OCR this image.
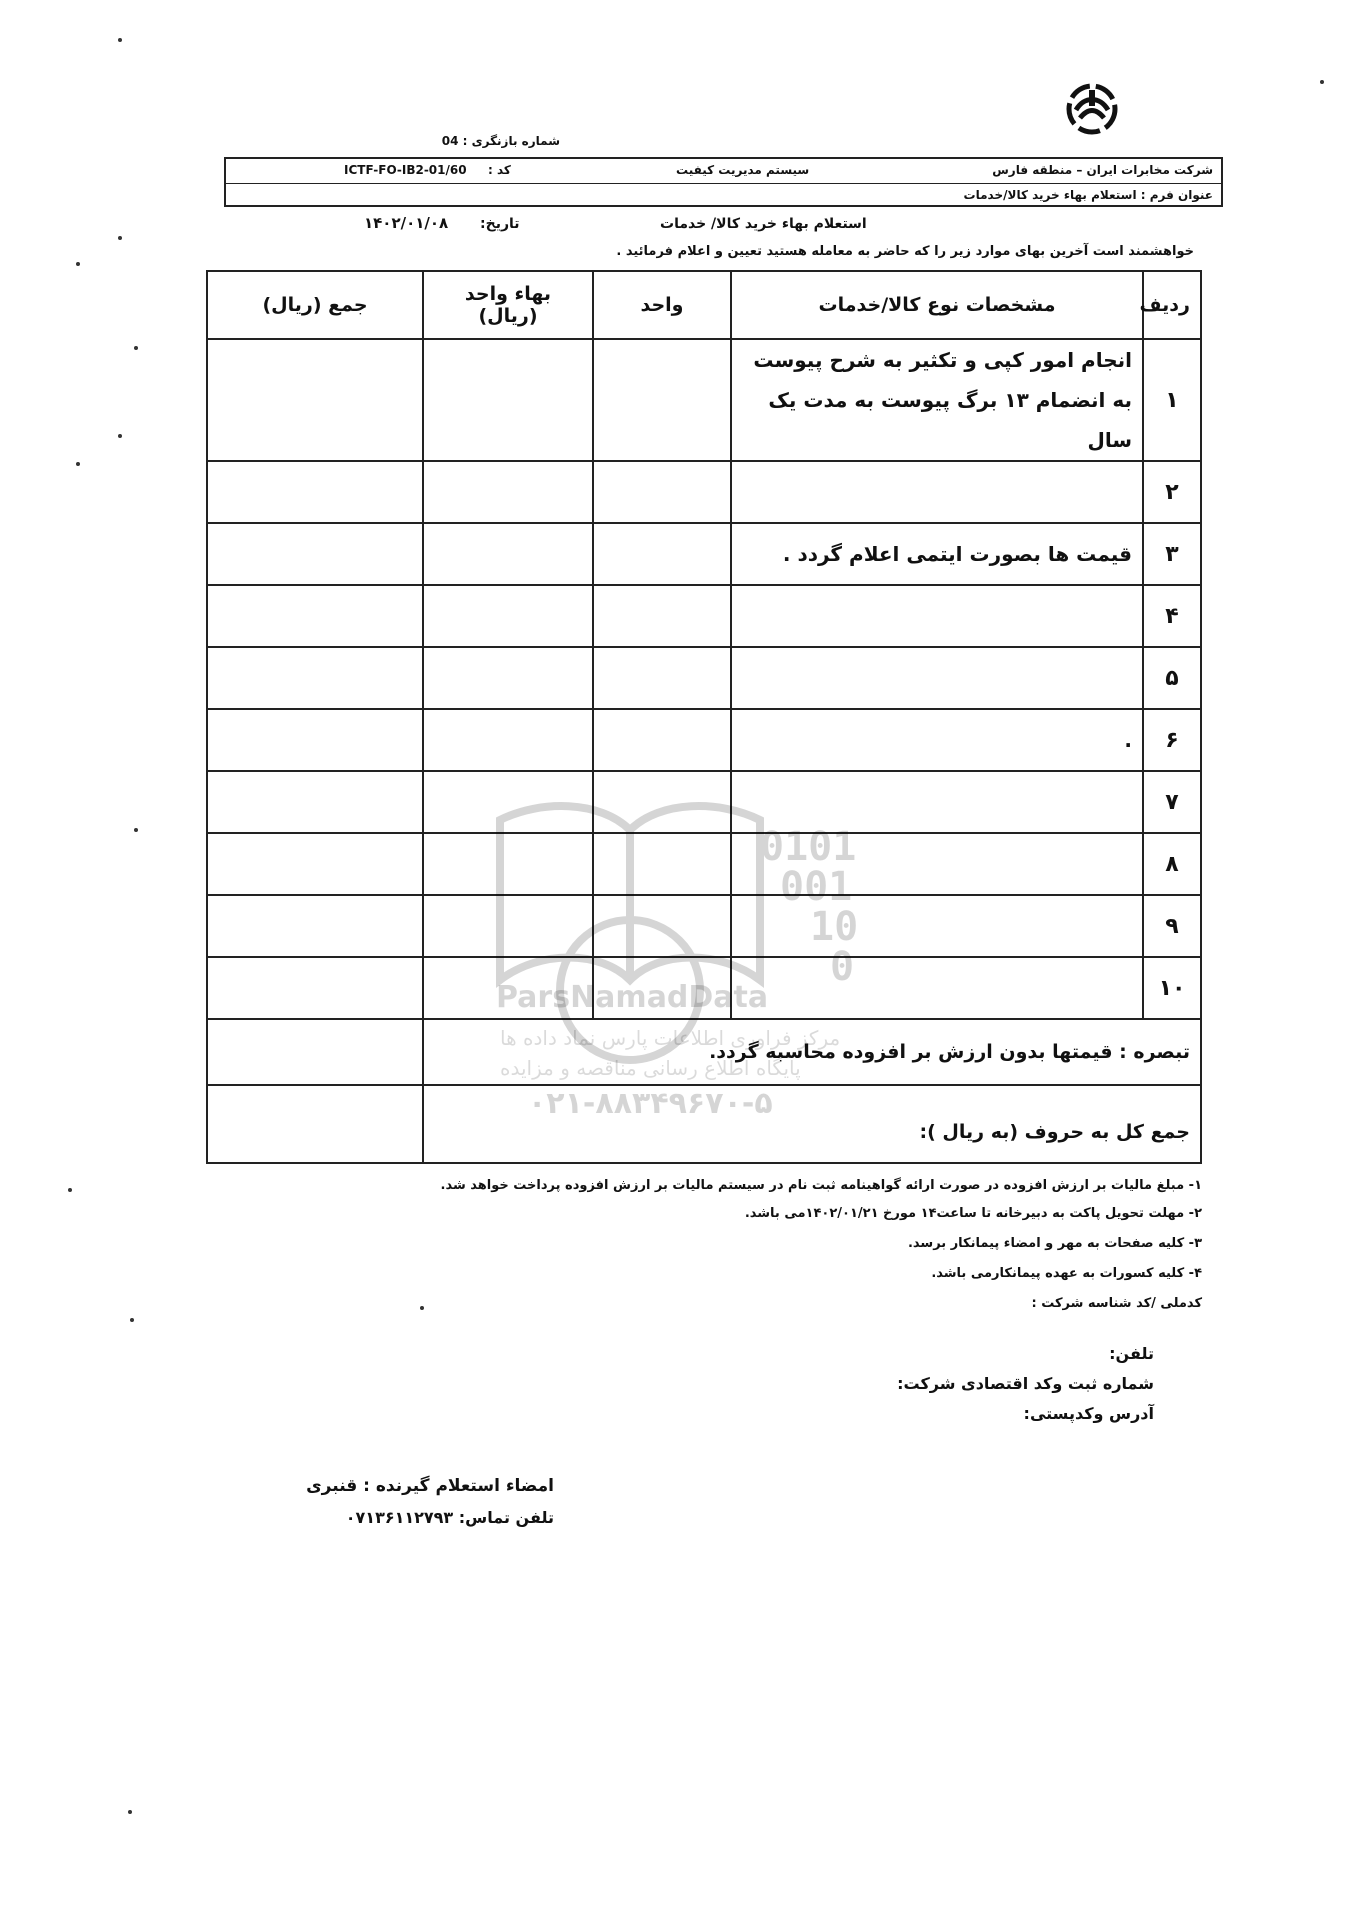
شماره بازنگری : 04
شرکت مخابرات ایران – منطقه فارس
سیستم مدیریت کیفیت
کد :
ICTF-FO-IB2-01/60
عنوان فرم : استعلام بهاء خرید کالا/خدمات
استعلام بهاء خرید کالا/ خدمات
تاریخ:
۱۴۰۲/۰۱/۰۸
خواهشمند است آخرین بهای موارد زیر را که حاضر به معامله هستید تعیین و اعلام فرمائید .
ردیف	مشخصات نوع کالا/خدمات	واحد	بهاء واحد (ریال)	جمع (ریال)
۱	انجام امور کپی و تکثیر به شرح پیوست به انضمام ۱۳ برگ پیوست به مدت یک سال			
۲				
۳	قیمت ها بصورت ایتمی اعلام گردد .			
۴				
۵				
۶	.			
۷				
۸				
۹				
۱۰				
تبصره : قیمتها بدون ارزش بر افزوده محاسبه گردد.				
جمع کل به حروف (به ریال ):				
۱- مبلغ مالیات بر ارزش افزوده در صورت ارائه گواهینامه ثبت نام در سیستم مالیات بر ارزش افزوده پرداخت خواهد شد.
۲- مهلت تحویل پاکت به دبیرخانه تا ساعت۱۴ مورخ ۱۴۰۲/۰۱/۲۱می باشد.
۳- کلیه صفحات به مهر و امضاء پیمانکار برسد.
۴- کلیه کسورات به عهده پیمانکارمی باشد.
کدملی /کد شناسه شرکت :
تلفن:
شماره ثبت وکد اقتصادی شرکت:
آدرس وکدپستی:
امضاء استعلام گیرنده : قنبری
تلفن تماس: ۰۷۱۳۶۱۱۲۷۹۳
0101
001
10
0
ParsNamadData
مرکز فراوری اطلاعات پارس نماد داده ها
پایگاه اطلاع رسانی مناقصه و مزایده
۰۲۱-۸۸۳۴۹۶۷۰-۵
